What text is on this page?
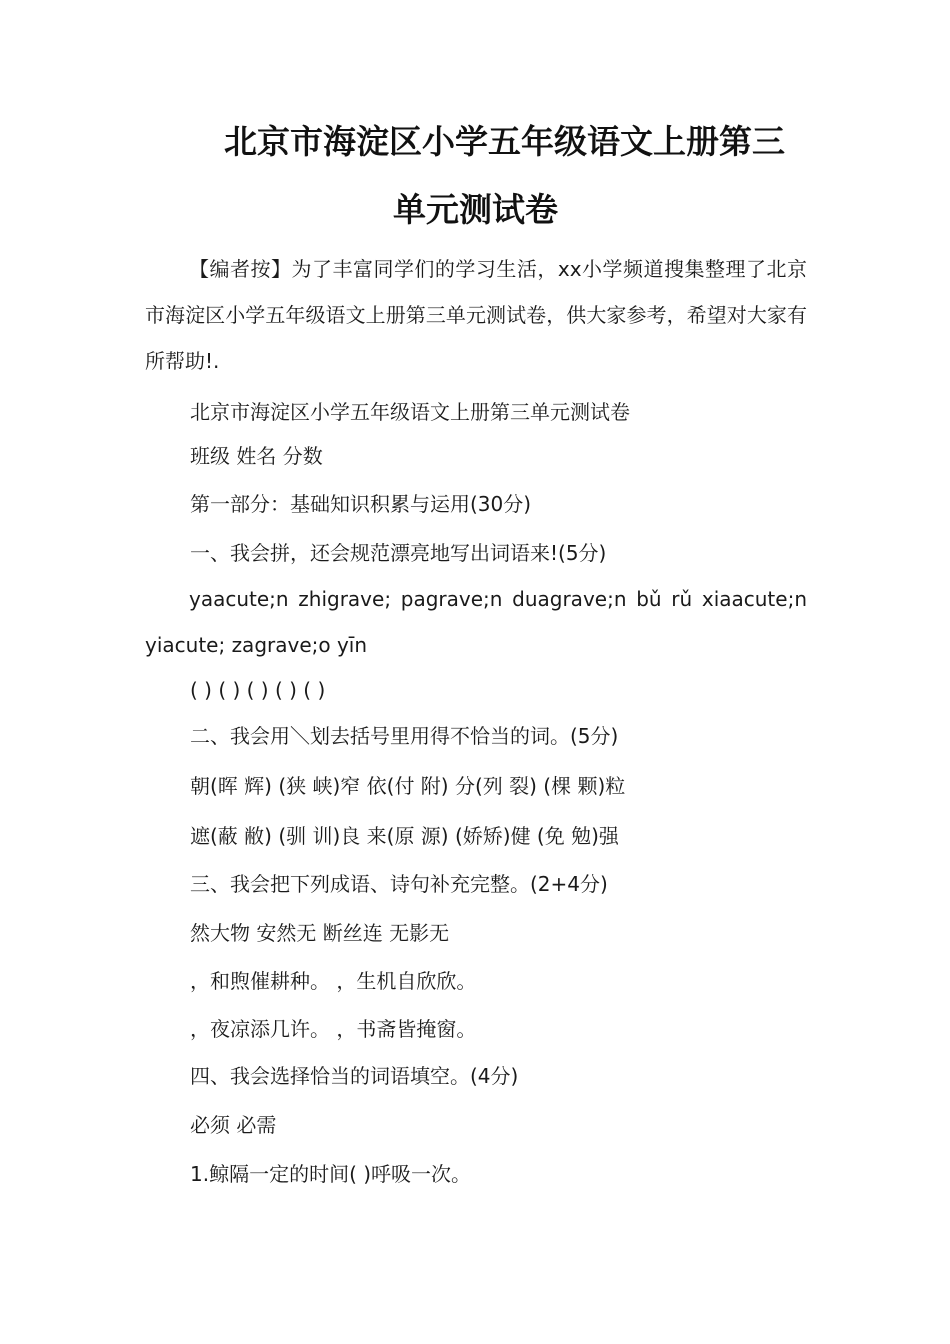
北京市海淀区小学五年级语文上册第三
单元测试卷
【编者按】为了丰富同学们的学习生活，xx小学频道搜集整理了北京市海淀区小学五年级语文上册第三单元测试卷，供大家参考，希望对大家有所帮助!.
北京市海淀区小学五年级语文上册第三单元测试卷
班级 姓名 分数
第一部分：基础知识积累与运用(30分)
一、我会拼，还会规范漂亮地写出词语来!(5分)
yaacute;n zhigrave; pagrave;n duagrave;n bǔ rǔ xiaacute;n yiacute; zagrave;o yīn
( ) ( ) ( ) ( ) ( )
二、我会用＼划去括号里用得不恰当的词。(5分)
朝(晖 辉) (狭 峡)窄 依(付 附) 分(列 裂) (棵 颗)粒
遮(蔽 敝) (驯 训)良 来(原 源) (娇矫)健 (免 勉)强
三、我会把下列成语、诗句补充完整。(2+4分)
然大物 安然无 断丝连 无影无
，和煦催耕种。 ，生机自欣欣。
，夜凉添几许。 ，书斋皆掩窗。
四、我会选择恰当的词语填空。(4分)
必须 必需
1.鲸隔一定的时间( )呼吸一次。
